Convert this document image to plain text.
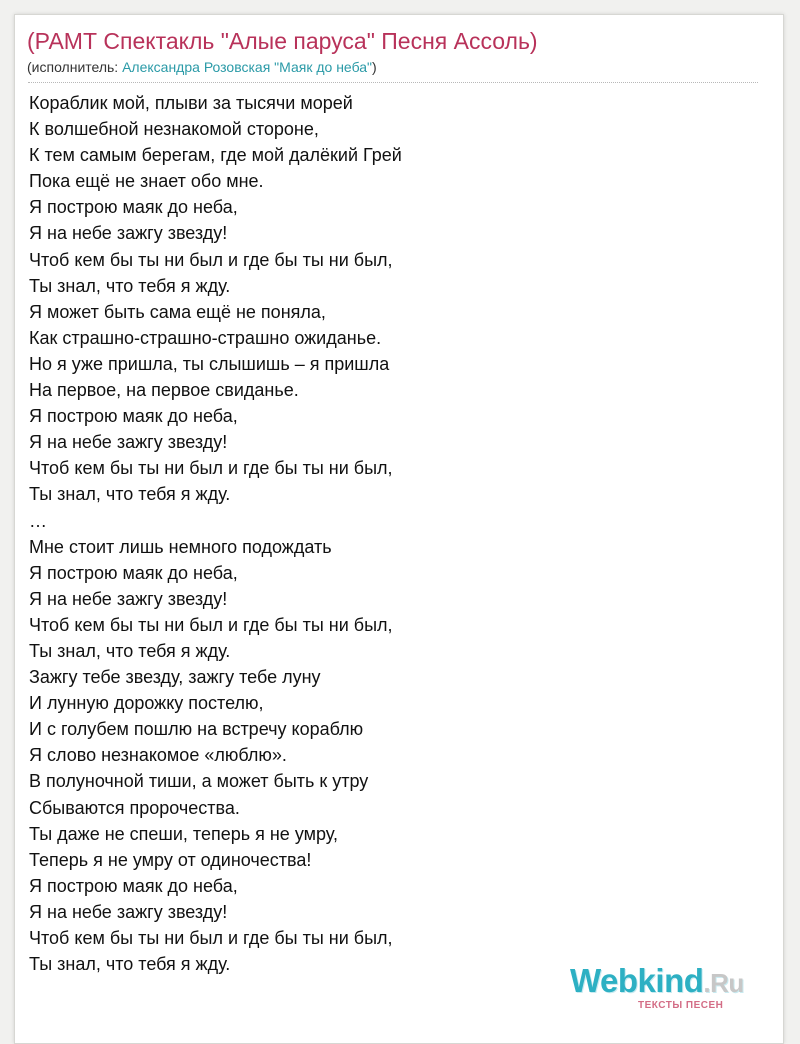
(РАМТ Спектакль "Алые паруса" Песня Ассоль)
(исполнитель: Александра Розовская "Маяк до неба")
Кораблик мой, плыви за тысячи морей
К волшебной незнакомой стороне,
К тем самым берегам, где мой далёкий Грей
Пока ещё не знает обо мне.
Я построю маяк до неба,
Я на небе зажгу звезду!
Чтоб кем бы ты ни был и где бы ты ни был,
Ты знал, что тебя я жду.
Я может быть сама ещё не поняла,
Как страшно-страшно-страшно ожиданье.
Но я уже пришла, ты слышишь – я пришла
На первое, на первое свиданье.
Я построю маяк до неба,
Я на небе зажгу звезду!
Чтоб кем бы ты ни был и где бы ты ни был,
Ты знал, что тебя я жду.
…
Мне стоит лишь немного подождать
Я построю маяк до неба,
Я на небе зажгу звезду!
Чтоб кем бы ты ни был и где бы ты ни был,
Ты знал, что тебя я жду.
Зажгу тебе звезду, зажгу тебе луну
И лунную дорожку постелю,
И с голубем пошлю на встречу кораблю
Я слово незнакомое «люблю».
В полуночной тиши, а может быть к утру
Сбываются пророчества.
Ты даже не спеши, теперь я не умру,
Теперь я не умру от одиночества!
Я построю маяк до неба,
Я на небе зажгу звезду!
Чтоб кем бы ты ни был и где бы ты ни был,
Ты знал, что тебя я жду.	Webkind.Ru
ТЕКСТЫ ПЕСЕН
